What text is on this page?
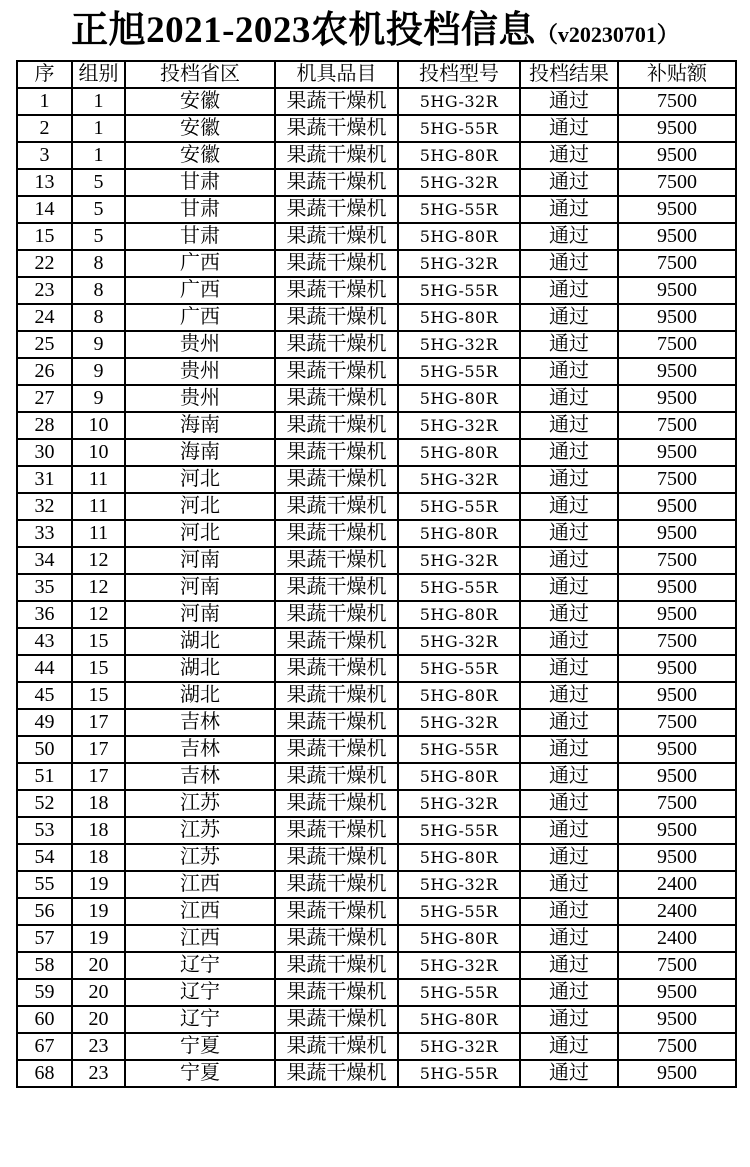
正旭2021-2023农机投档信息（v20230701）
序	组别	投档省区	机具品目	投档型号	投档结果	补贴额
1	1	安徽	果蔬干燥机	5HG-32R	通过	7500
2	1	安徽	果蔬干燥机	5HG-55R	通过	9500
3	1	安徽	果蔬干燥机	5HG-80R	通过	9500
13	5	甘肃	果蔬干燥机	5HG-32R	通过	7500
14	5	甘肃	果蔬干燥机	5HG-55R	通过	9500
15	5	甘肃	果蔬干燥机	5HG-80R	通过	9500
22	8	广西	果蔬干燥机	5HG-32R	通过	7500
23	8	广西	果蔬干燥机	5HG-55R	通过	9500
24	8	广西	果蔬干燥机	5HG-80R	通过	9500
25	9	贵州	果蔬干燥机	5HG-32R	通过	7500
26	9	贵州	果蔬干燥机	5HG-55R	通过	9500
27	9	贵州	果蔬干燥机	5HG-80R	通过	9500
28	10	海南	果蔬干燥机	5HG-32R	通过	7500
30	10	海南	果蔬干燥机	5HG-80R	通过	9500
31	11	河北	果蔬干燥机	5HG-32R	通过	7500
32	11	河北	果蔬干燥机	5HG-55R	通过	9500
33	11	河北	果蔬干燥机	5HG-80R	通过	9500
34	12	河南	果蔬干燥机	5HG-32R	通过	7500
35	12	河南	果蔬干燥机	5HG-55R	通过	9500
36	12	河南	果蔬干燥机	5HG-80R	通过	9500
43	15	湖北	果蔬干燥机	5HG-32R	通过	7500
44	15	湖北	果蔬干燥机	5HG-55R	通过	9500
45	15	湖北	果蔬干燥机	5HG-80R	通过	9500
49	17	吉林	果蔬干燥机	5HG-32R	通过	7500
50	17	吉林	果蔬干燥机	5HG-55R	通过	9500
51	17	吉林	果蔬干燥机	5HG-80R	通过	9500
52	18	江苏	果蔬干燥机	5HG-32R	通过	7500
53	18	江苏	果蔬干燥机	5HG-55R	通过	9500
54	18	江苏	果蔬干燥机	5HG-80R	通过	9500
55	19	江西	果蔬干燥机	5HG-32R	通过	2400
56	19	江西	果蔬干燥机	5HG-55R	通过	2400
57	19	江西	果蔬干燥机	5HG-80R	通过	2400
58	20	辽宁	果蔬干燥机	5HG-32R	通过	7500
59	20	辽宁	果蔬干燥机	5HG-55R	通过	9500
60	20	辽宁	果蔬干燥机	5HG-80R	通过	9500
67	23	宁夏	果蔬干燥机	5HG-32R	通过	7500
68	23	宁夏	果蔬干燥机	5HG-55R	通过	9500
